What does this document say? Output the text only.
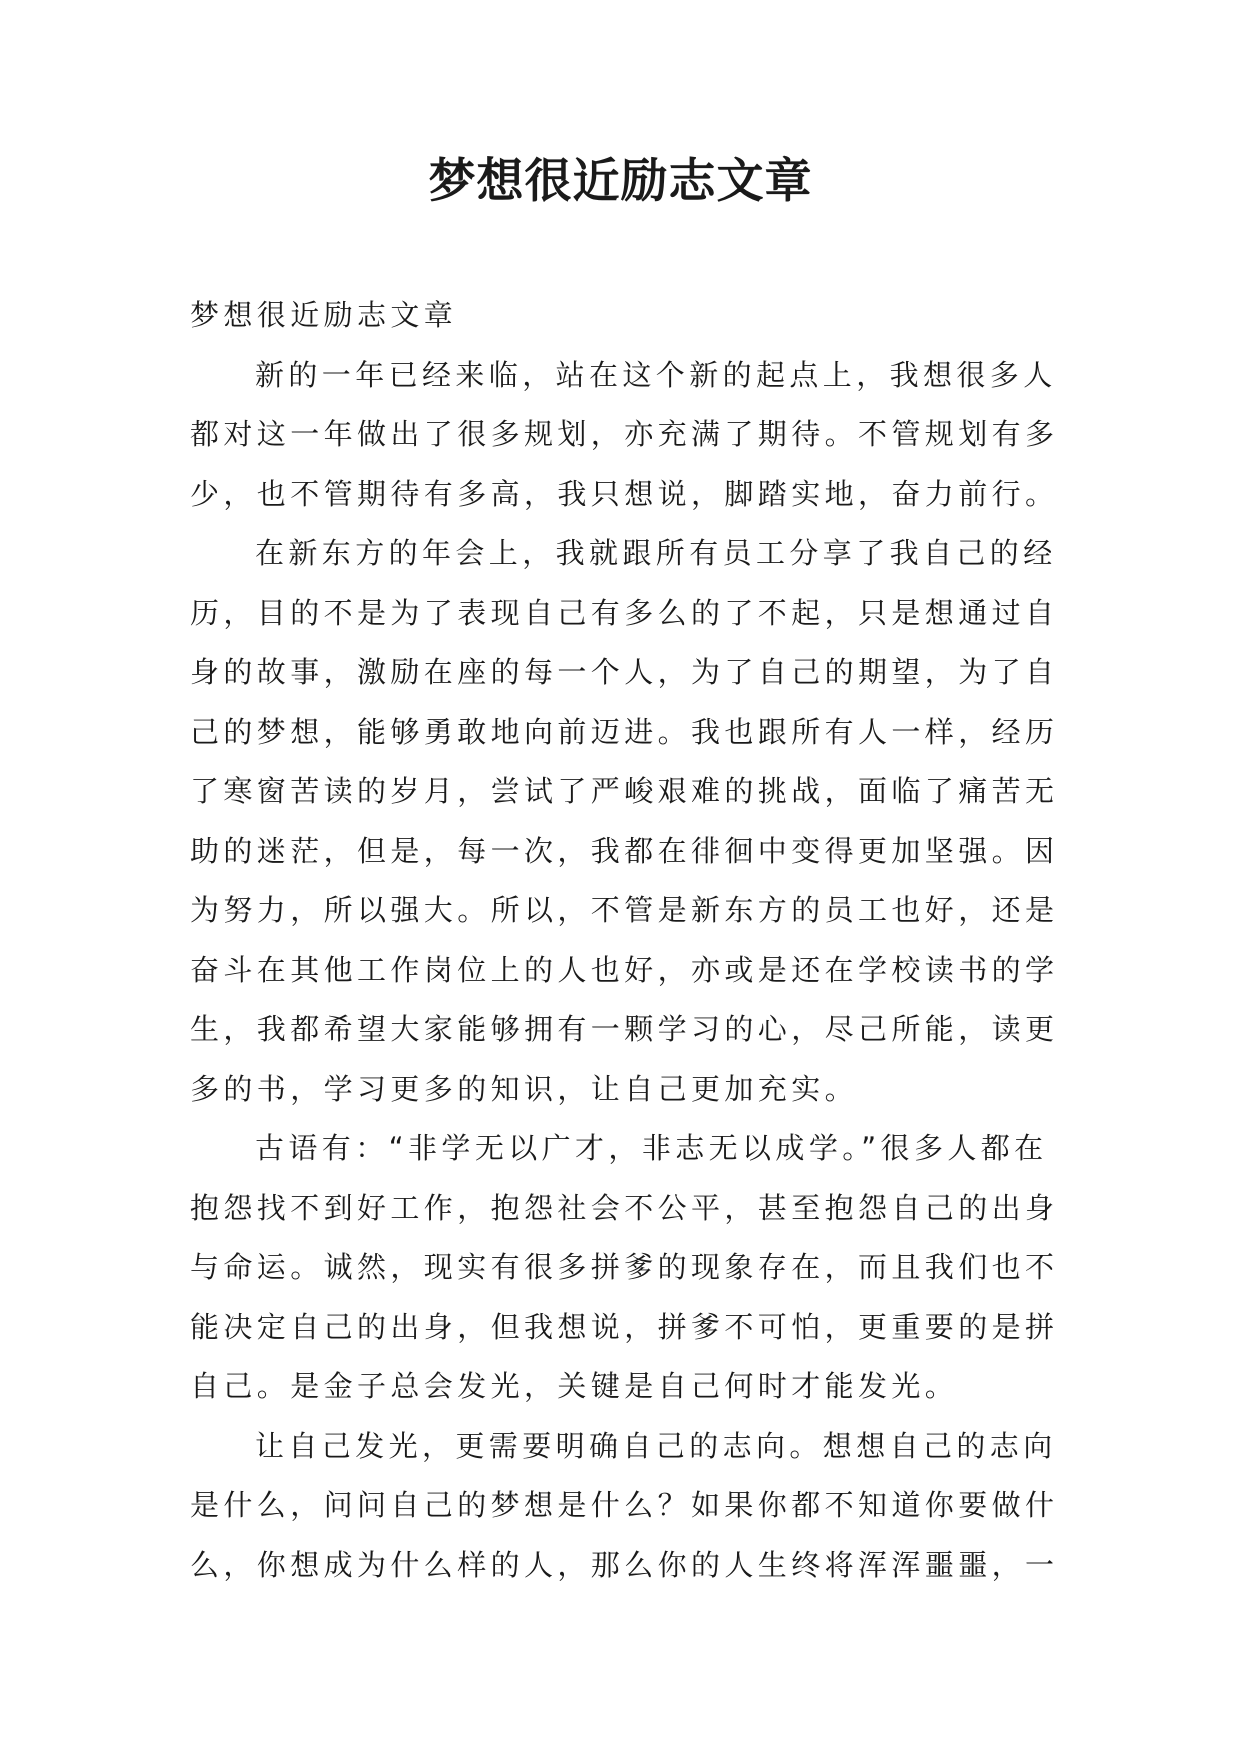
梦想很近励志文章
梦想很近励志文章
新的一年已经来临，站在这个新的起点上，我想很多人
都对这一年做出了很多规划，亦充满了期待。不管规划有多
少，也不管期待有多高，我只想说，脚踏实地，奋力前行。
在新东方的年会上，我就跟所有员工分享了我自己的经
历，目的不是为了表现自己有多么的了不起，只是想通过自
身的故事，激励在座的每一个人，为了自己的期望，为了自
己的梦想，能够勇敢地向前迈进。我也跟所有人一样，经历
了寒窗苦读的岁月，尝试了严峻艰难的挑战，面临了痛苦无
助的迷茫，但是，每一次，我都在徘徊中变得更加坚强。因
为努力，所以强大。所以，不管是新东方的员工也好，还是
奋斗在其他工作岗位上的人也好，亦或是还在学校读书的学
生，我都希望大家能够拥有一颗学习的心，尽己所能，读更
多的书，学习更多的知识，让自己更加充实。
古语有：“非学无以广才，非志无以成学。”很多人都在
抱怨找不到好工作，抱怨社会不公平，甚至抱怨自己的出身
与命运。诚然，现实有很多拼爹的现象存在，而且我们也不
能决定自己的出身，但我想说，拼爹不可怕，更重要的是拼
自己。是金子总会发光，关键是自己何时才能发光。
让自己发光，更需要明确自己的志向。想想自己的志向
是什么，问问自己的梦想是什么？如果你都不知道你要做什
么，你想成为什么样的人，那么你的人生终将浑浑噩噩，一
